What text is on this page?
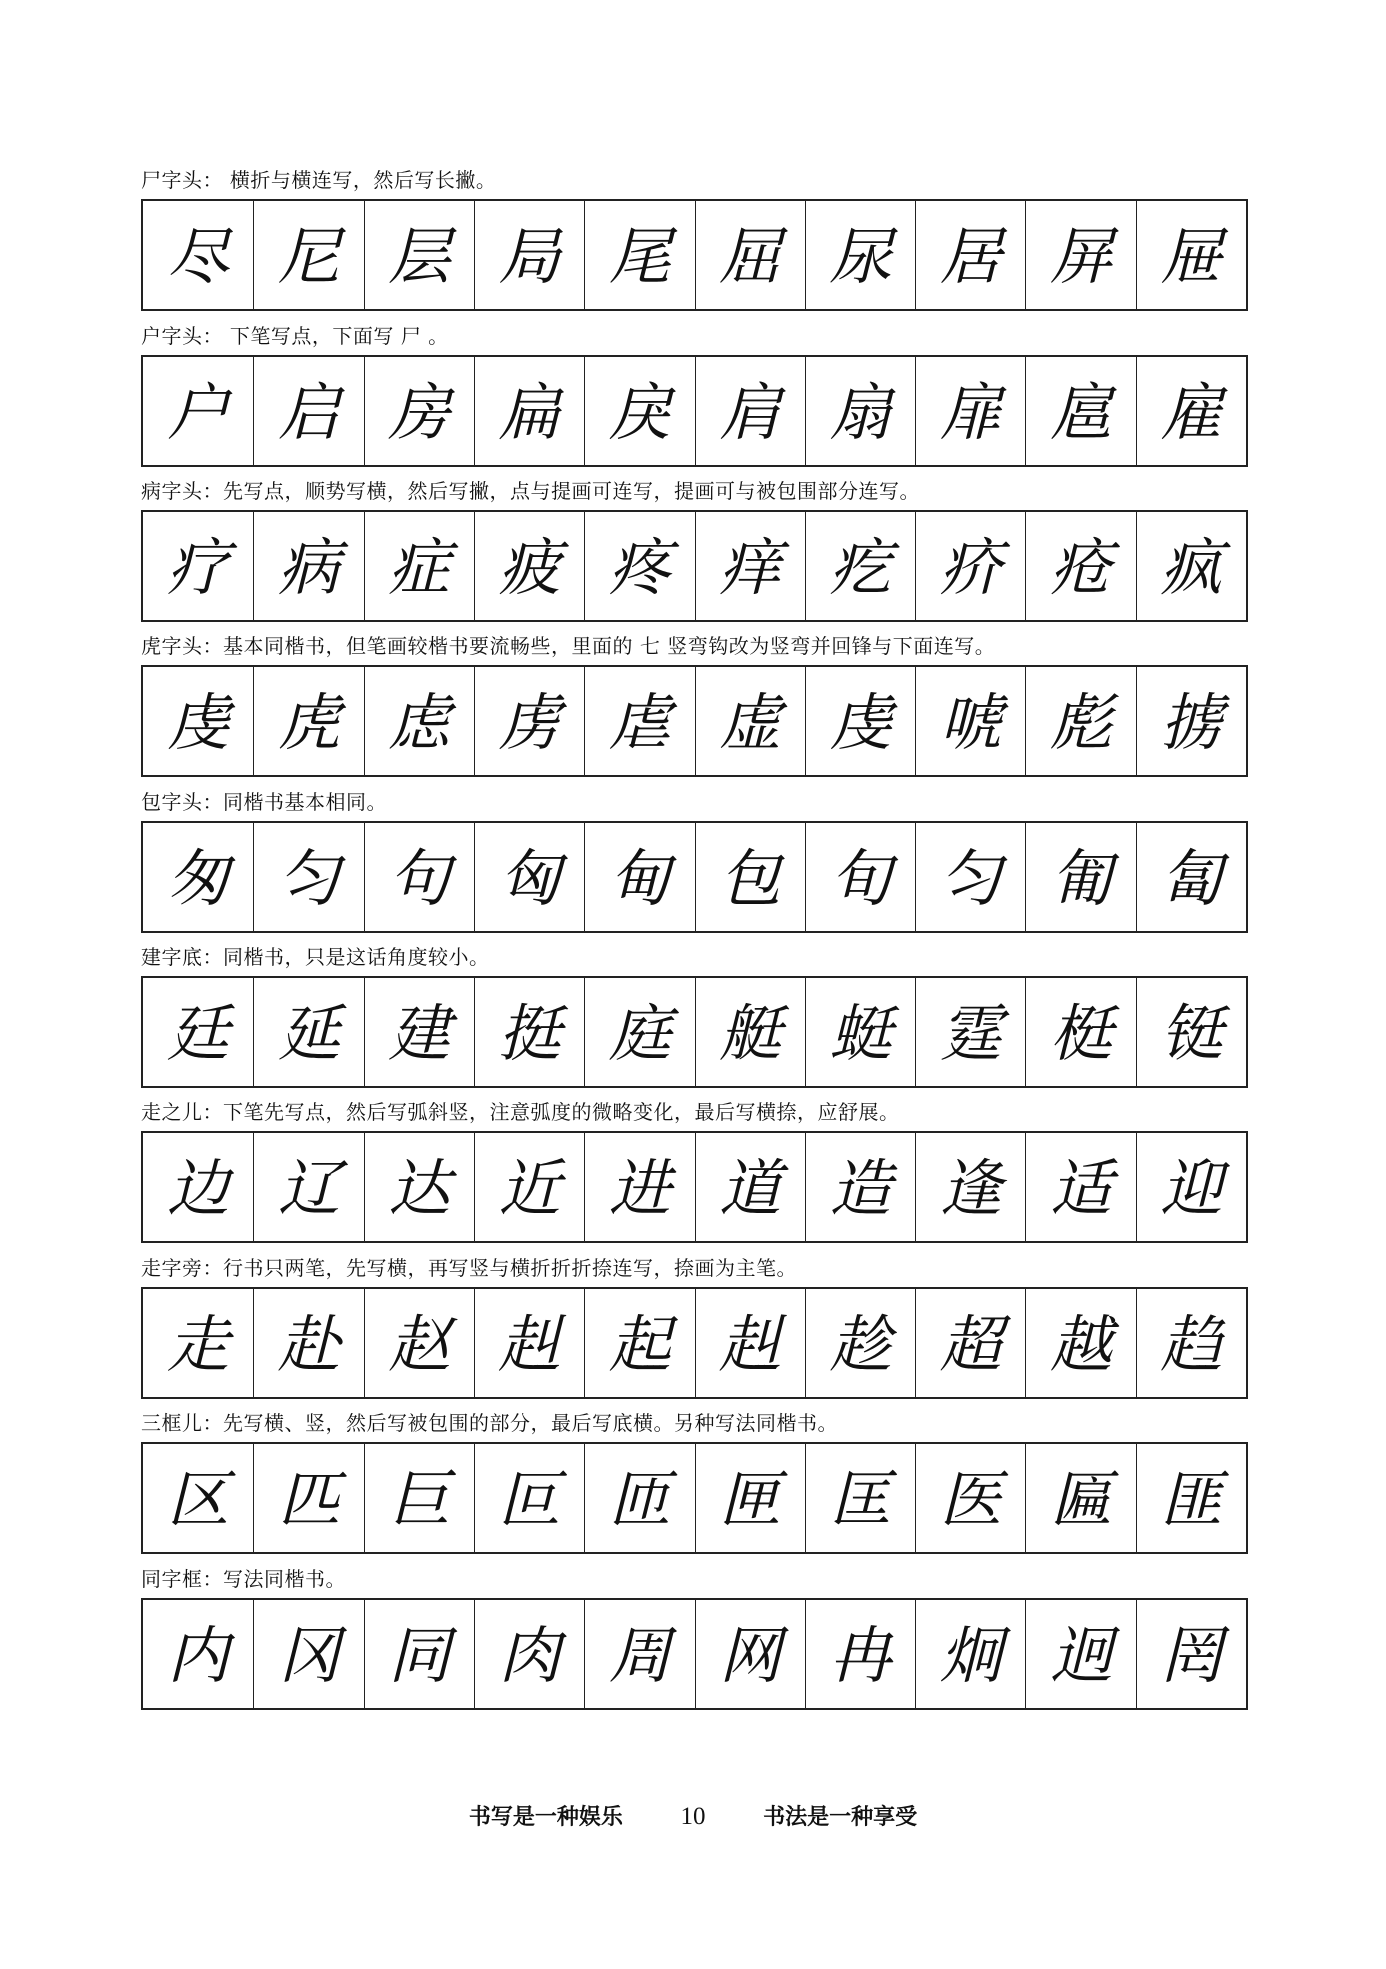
尸字头： 横折与横连写，然后写长撇。
尽 尼 层 局 尾 屈 尿 居 屏 屉
户字头： 下笔写点，下面写 尸 。
户 启 房 扁 戾 肩 扇 扉 扈 雇
病字头：先写点，顺势写横，然后写撇，点与提画可连写，提画可与被包围部分连写。
疗 病 症 疲 疼 痒 疙 疥 疮 疯
虎字头：基本同楷书，但笔画较楷书要流畅些，里面的 七 竖弯钩改为竖弯并回锋与下面连写。
虔 虎 虑 虏 虐 虚 虔 唬 彪 掳
包字头：同楷书基本相同。
匆 匀 句 匈 甸 包 旬 匀 匍 匐
建字底：同楷书，只是这话角度较小。
廷 延 建 挺 庭 艇 蜓 霆 梃 铤
走之儿：下笔先写点，然后写弧斜竖，注意弧度的微略变化，最后写横捺，应舒展。
边 辽 达 近 进 道 造 逢 适 迎
走字旁：行书只两笔，先写横，再写竖与横折折折捺连写，捺画为主笔。
走 赴 赵 赳 起 赳 趁 超 越 趋
三框儿：先写横、竖，然后写被包围的部分，最后写底横。另种写法同楷书。
区 匹 巨 叵 匝 匣 匡 医 匾 匪
同字框：写法同楷书。
内 冈 同 肉 周 网 冉 炯 迥 罔
书写是一种娱乐 10	书法是一种享受
